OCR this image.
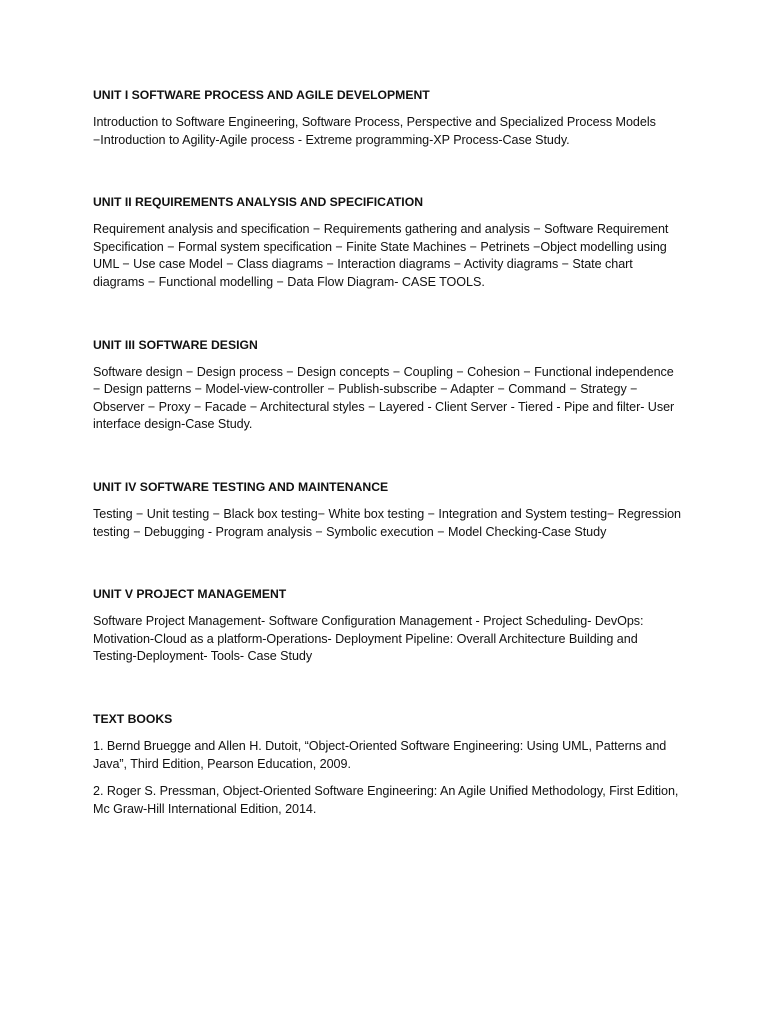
UNIT I SOFTWARE PROCESS AND AGILE DEVELOPMENT

Introduction to Software Engineering, Software Process, Perspective and Specialized Process Models −Introduction to Agility-Agile process - Extreme programming-XP Process-Case Study.

UNIT II REQUIREMENTS ANALYSIS AND SPECIFICATION

Requirement analysis and specification − Requirements gathering and analysis − Software Requirement Specification − Formal system specification − Finite State Machines − Petrinets −Object modelling using UML − Use case Model − Class diagrams − Interaction diagrams − Activity diagrams − State chart diagrams − Functional modelling − Data Flow Diagram- CASE TOOLS.

UNIT III SOFTWARE DESIGN

Software design − Design process − Design concepts − Coupling − Cohesion − Functional independence − Design patterns − Model-view-controller − Publish-subscribe − Adapter − Command − Strategy − Observer − Proxy − Facade − Architectural styles − Layered - Client Server - Tiered - Pipe and filter- User interface design-Case Study.

UNIT IV SOFTWARE TESTING AND MAINTENANCE

Testing − Unit testing − Black box testing− White box testing − Integration and System testing− Regression testing − Debugging - Program analysis − Symbolic execution − Model Checking-Case Study

UNIT V PROJECT MANAGEMENT

Software Project Management- Software Configuration Management - Project Scheduling- DevOps: Motivation-Cloud as a platform-Operations- Deployment Pipeline: Overall Architecture Building and Testing-Deployment- Tools- Case Study

TEXT BOOKS

1. Bernd Bruegge and Allen H. Dutoit, “Object-Oriented Software Engineering: Using UML, Patterns and Java”, Third Edition, Pearson Education, 2009.

2. Roger S. Pressman, Object-Oriented Software Engineering: An Agile Unified Methodology, First Edition, Mc Graw-Hill International Edition, 2014.
